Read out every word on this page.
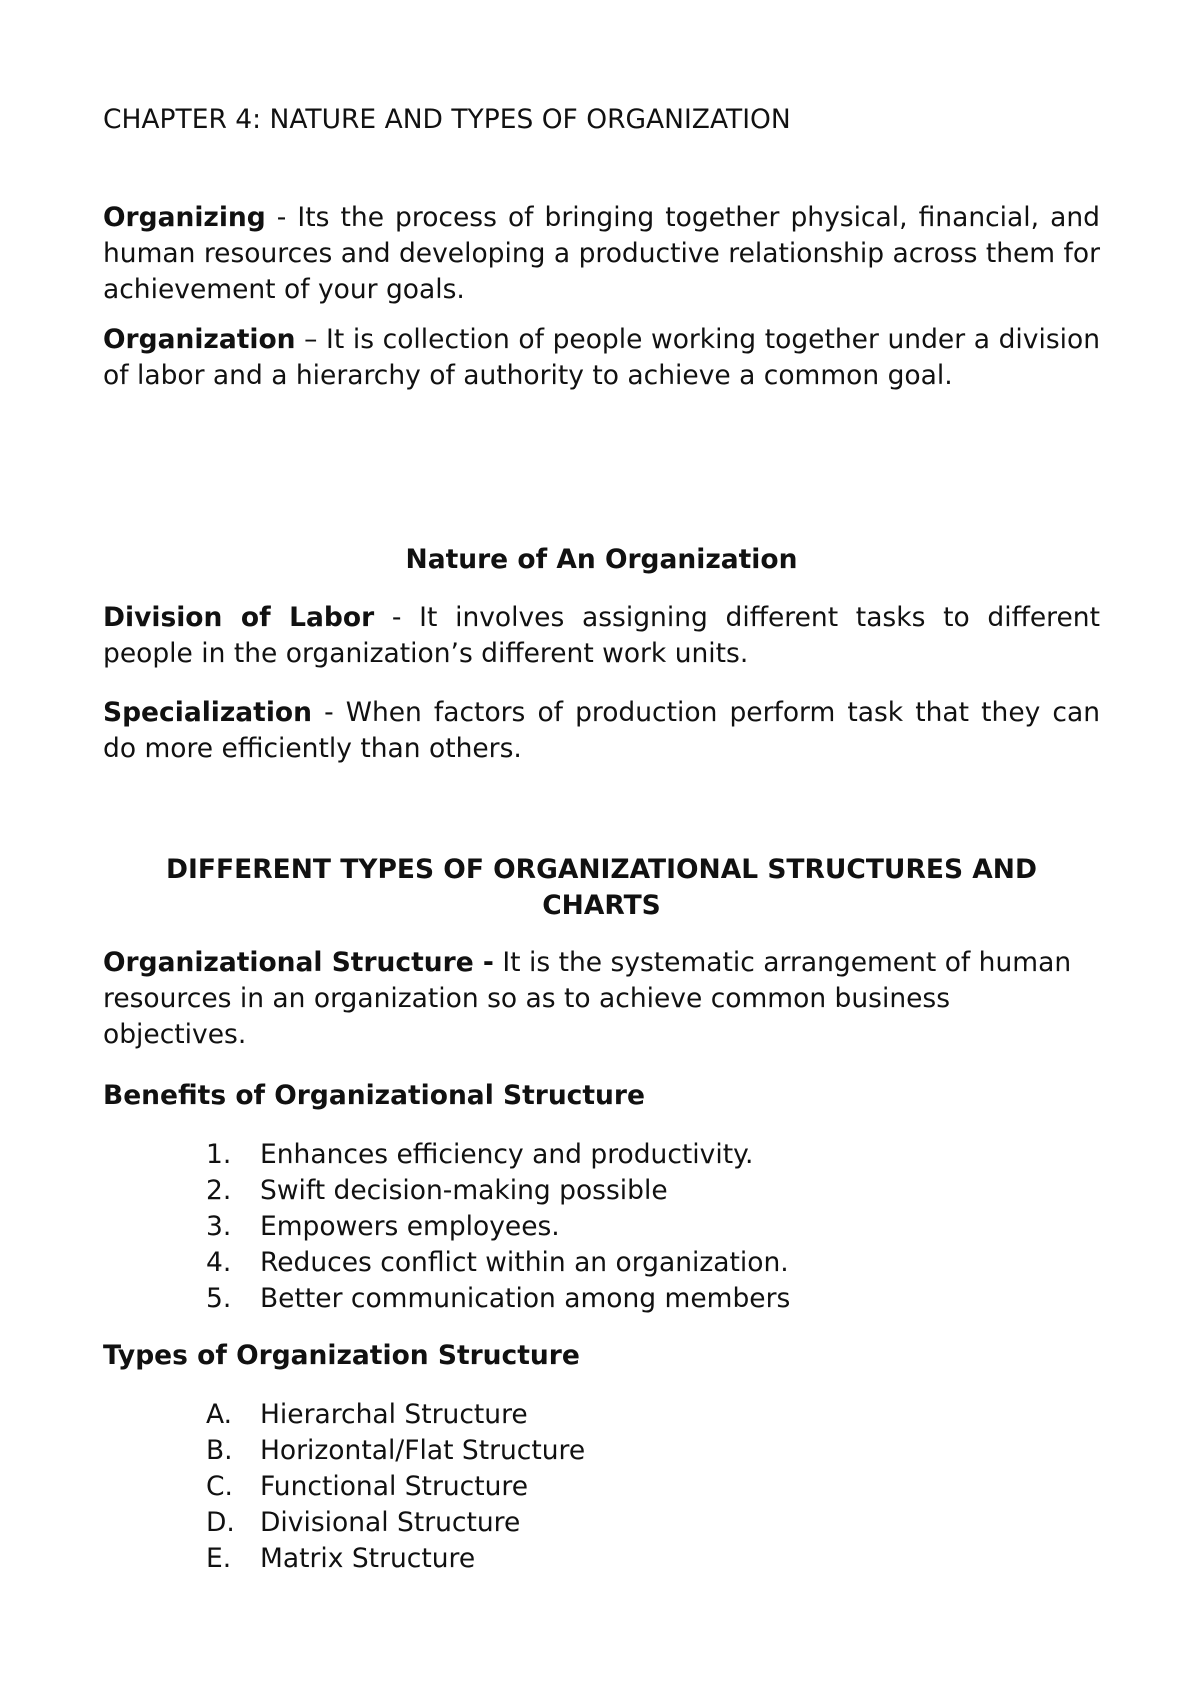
CHAPTER 4: NATURE AND TYPES OF ORGANIZATION

Organizing - Its the process of bringing together physical, financial, and human resources and developing a productive relationship across them for achievement of your goals.

Organization – It is collection of people working together under a division of labor and a hierarchy of authority to achieve a common goal.

Nature of An Organization

Division of Labor - It involves assigning different tasks to different people in the organization’s different work units.

Specialization - When factors of production perform task that they can do more efficiently than others.

DIFFERENT TYPES OF ORGANIZATIONAL STRUCTURES AND CHARTS

Organizational Structure - It is the systematic arrangement of human resources in an organization so as to achieve common business objectives.

Benefits of Organizational Structure
1. Enhances efficiency and productivity.
2. Swift decision-making possible
3. Empowers employees.
4. Reduces conflict within an organization.
5. Better communication among members
Types of Organization Structure
A. Hierarchal Structure
B. Horizontal/Flat Structure
C. Functional Structure
D. Divisional Structure
E. Matrix Structure
